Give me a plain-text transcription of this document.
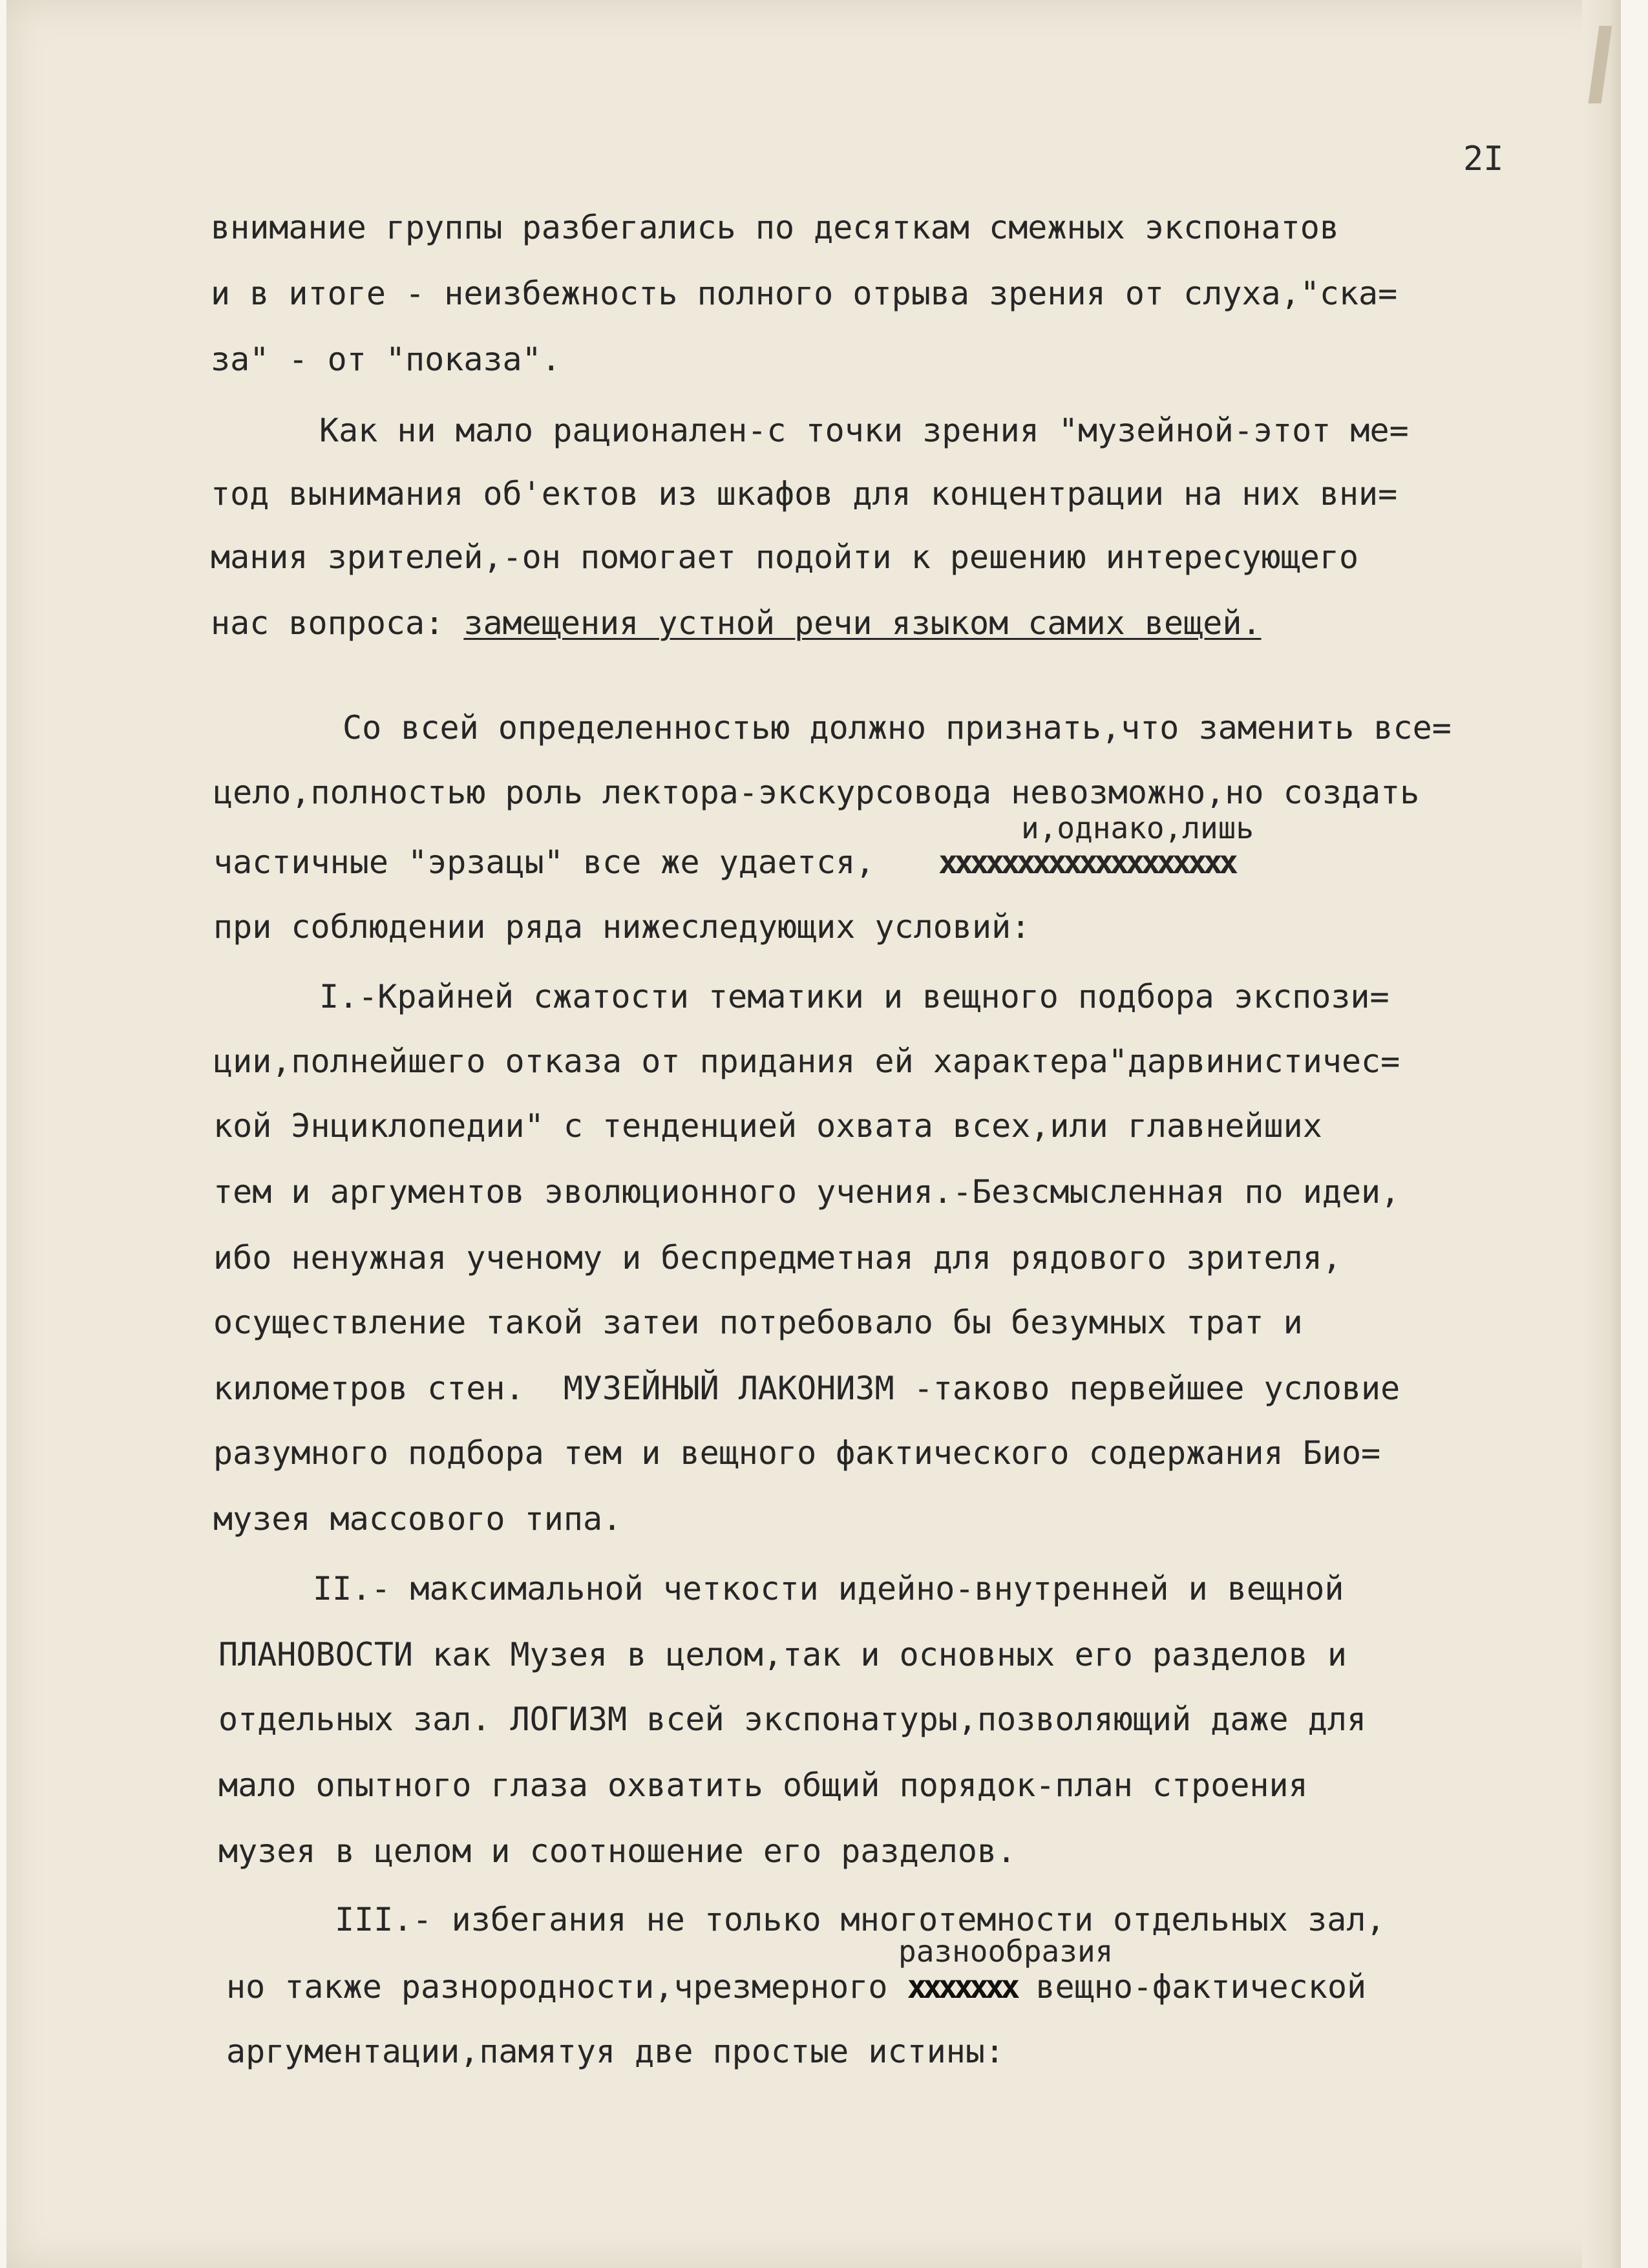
2I
внимание группы разбегались по десяткам смежных экспонатов
и в итоге - неизбежность полного отрыва зрения от слуха,"ска=
за" - от "показа".
Как ни мало рационален-с точки зрения "музейной-этот ме=
тод вынимания об'ектов из шкафов для концентрации на них вни=
мания зрителей,-он помогает подойти к решению интересующего
нас вопроса: замещения устной речи языком самих вещей.
Со всей определенностью должно признать,что заменить все=
цело,полностью роль лектора-экскурсовода невозможно,но создать
и,однако,лишь
частичные "эрзацы" все же удается, xxxxxxxxxxxxxxxxxxx
при соблюдении ряда нижеследующих условий:
I.-Крайней сжатости тематики и вещного подбора экспози=
ции,полнейшего отказа от придания ей характера"дарвинистичес=
кой Энциклопедии" с тенденцией охвата всех,или главнейших
тем и аргументов эволюционного учения.-Безсмысленная по идеи,
ибо ненужная ученому и беспредметная для рядового зрителя,
осуществление такой затеи потребовало бы безумных трат и
километров стен.  МУЗЕЙНЫЙ ЛАКОНИЗМ -таково первейшее условие
разумного подбора тем и вещного фактического содержания Био=
музея массового типа.
II.- максимальной четкости идейно-внутренней и вещной
ПЛАНОВОСТИ как Музея в целом,так и основных его разделов и
отдельных зал. ЛОГИЗМ всей экспонатуры,позволяющий даже для
мало опытного глаза охватить общий порядок-план строения
музея в целом и соотношение его разделов.
III.- избегания не только многотемности отдельных зал,
разнообразия
но также разнородности,чрезмерного xxxxxxx вещно-фактической
аргументации,памятуя две простые истины:
